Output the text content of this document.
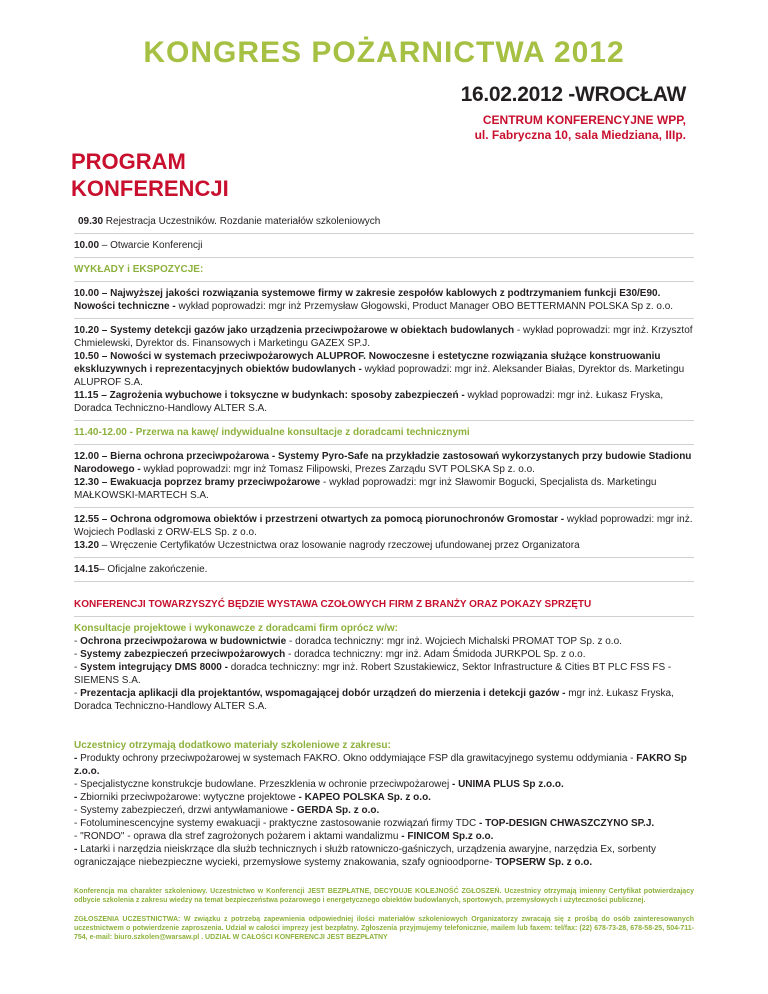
KONGRES POŻARNICTWA 2012
16.02.2012 -WROCŁAW
CENTRUM KONFERENCYJNE WPP,
ul. Fabryczna 10, sala Miedziana, IIIp.
PROGRAM
KONFERENCJI

09.30 Rejestracja Uczestników. Rozdanie materiałów szkoleniowych

10.00 – Otwarcie Konferencji

WYKŁADY i EKSPOZYCJE:

10.00 – Najwyższej jakości rozwiązania systemowe firmy w zakresie zespołów kablowych z podtrzymaniem funkcji E30/E90. Nowości techniczne - wykład poprowadzi: mgr inż Przemysław Głogowski, Product Manager OBO BETTERMANN POLSKA Sp z. o.o.

10.20 – Systemy detekcji gazów jako urządzenia przeciwpożarowe w obiektach budowlanych - wykład poprowadzi: mgr inż. Krzysztof Chmielewski, Dyrektor ds. Finansowych i Marketingu GAZEX SP.J.

10.50 – Nowości w systemach przeciwpożarowych ALUPROF. Nowoczesne i estetyczne rozwiązania służące konstruowaniu ekskluzywnych i reprezentacyjnych obiektów budowlanych - wykład poprowadzi: mgr inż. Aleksander Białas, Dyrektor ds. Marketingu ALUPROF S.A.

11.15 – Zagrożenia wybuchowe i toksyczne w budynkach: sposoby zabezpieczeń - wykład poprowadzi: mgr inż. Łukasz Fryska, Doradca Techniczno-Handlowy ALTER S.A.

11.40-12.00 - Przerwa na kawę/ indywidualne konsultacje z doradcami technicznymi

12.00 – Bierna ochrona przeciwpożarowa - Systemy Pyro-Safe na przykładzie zastosowań wykorzystanych przy budowie Stadionu Narodowego - wykład poprowadzi: mgr inż Tomasz Filipowski, Prezes Zarządu SVT POLSKA Sp z. o.o.

12.30 – Ewakuacja poprzez bramy przeciwpożarowe - wykład poprowadzi: mgr inż Sławomir Bogucki, Specjalista ds. Marketingu MAŁKOWSKI-MARTECH S.A.

12.55 – Ochrona odgromowa obiektów i przestrzeni otwartych za pomocą piorunochronów Gromostar - wykład poprowadzi: mgr inż. Wojciech Podlaski z ORW-ELS Sp. z o.o.

13.20 – Wręczenie Certyfikatów Uczestnictwa oraz losowanie nagrody rzeczowej ufundowanej przez Organizatora

14.15– Oficjalne zakończenie.

KONFERENCJI TOWARZYSZYĆ BĘDZIE WYSTAWA CZOŁOWYCH FIRM Z BRANŻY ORAZ POKAZY SPRZĘTU

Konsultacje projektowe i wykonawcze z doradcami firm oprócz w/w:

- Ochrona przeciwpożarowa w budownictwie - doradca techniczny: mgr inż. Wojciech Michalski PROMAT TOP Sp. z o.o.

- Systemy zabezpieczeń przeciwpożarowych - doradca techniczny: mgr inż. Adam Śmidoda JURKPOL Sp. z o.o.

- System integrujący DMS 8000 - doradca techniczny: mgr inż. Robert Szustakiewicz, Sektor Infrastructure & Cities BT PLC FSS FS - SIEMENS S.A.

- Prezentacja aplikacji dla projektantów, wspomagającej dobór urządzeń do mierzenia i detekcji gazów - mgr inż. Łukasz Fryska, Doradca Techniczno-Handlowy ALTER S.A.

Uczestnicy otrzymają dodatkowo materiały szkoleniowe z zakresu:

- Produkty ochrony przeciwpożarowej w systemach FAKRO. Okno oddymiające FSP dla grawitacyjnego systemu oddymiania - FAKRO Sp z.o.o.

- Specjalistyczne konstrukcje budowlane. Przeszklenia w ochronie przeciwpożarowej - UNIMA PLUS Sp z.o.o.

- Zbiorniki przeciwpożarowe: wytyczne projektowe - KAPEO POLSKA Sp. z o.o.

- Systemy zabezpieczeń, drzwi antywłamaniowe - GERDA Sp. z o.o.

- Fotoluminescencyjne systemy ewakuacji - praktyczne zastosowanie rozwiązań firmy TDC - TOP-DESIGN CHWASZCZYNO SP.J.

- "RONDO" - oprawa dla stref zagrożonych pożarem i aktami wandalizmu - FINICOM Sp.z o.o.

- Latarki i narzędzia nieiskrzące dla służb technicznych i służb ratowniczo-gaśniczych, urządzenia awaryjne, narzędzia Ex, sorbenty ograniczające niebezpieczne wycieki, przemysłowe systemy znakowania, szafy ognioodporne- TOPSERW Sp. z o.o.

Konferencja ma charakter szkoleniowy. Uczestnictwo w Konferencji JEST BEZPŁATNE, DECYDUJE KOLEJNOŚĆ ZGŁOSZEŃ. Uczestnicy otrzymają imienny Certyfikat potwierdzający odbycie szkolenia z zakresu wiedzy na temat bezpieczeństwa pożarowego i energetycznego obiektów budowlanych, sportowych, przemysłowych i użyteczności publicznej.

ZGŁOSZENIA UCZESTNICTWA: W związku z potrzebą zapewnienia odpowiedniej ilości materiałów szkoleniowych Organizatorzy zwracają się z prośbą do osób zainteresowanych uczestnictwem o potwierdzenie zaproszenia. Udział w całości imprezy jest bezpłatny. Zgłoszenia przyjmujemy telefonicznie, mailem lub faxem: tel/fax: (22) 678-73-28, 678-58-25, 504-711-754, e-mail: biuro.szkolen@warsaw.pl . UDZIAŁ W CAŁOŚCI KONFERENCJI JEST BEZPŁATNY
